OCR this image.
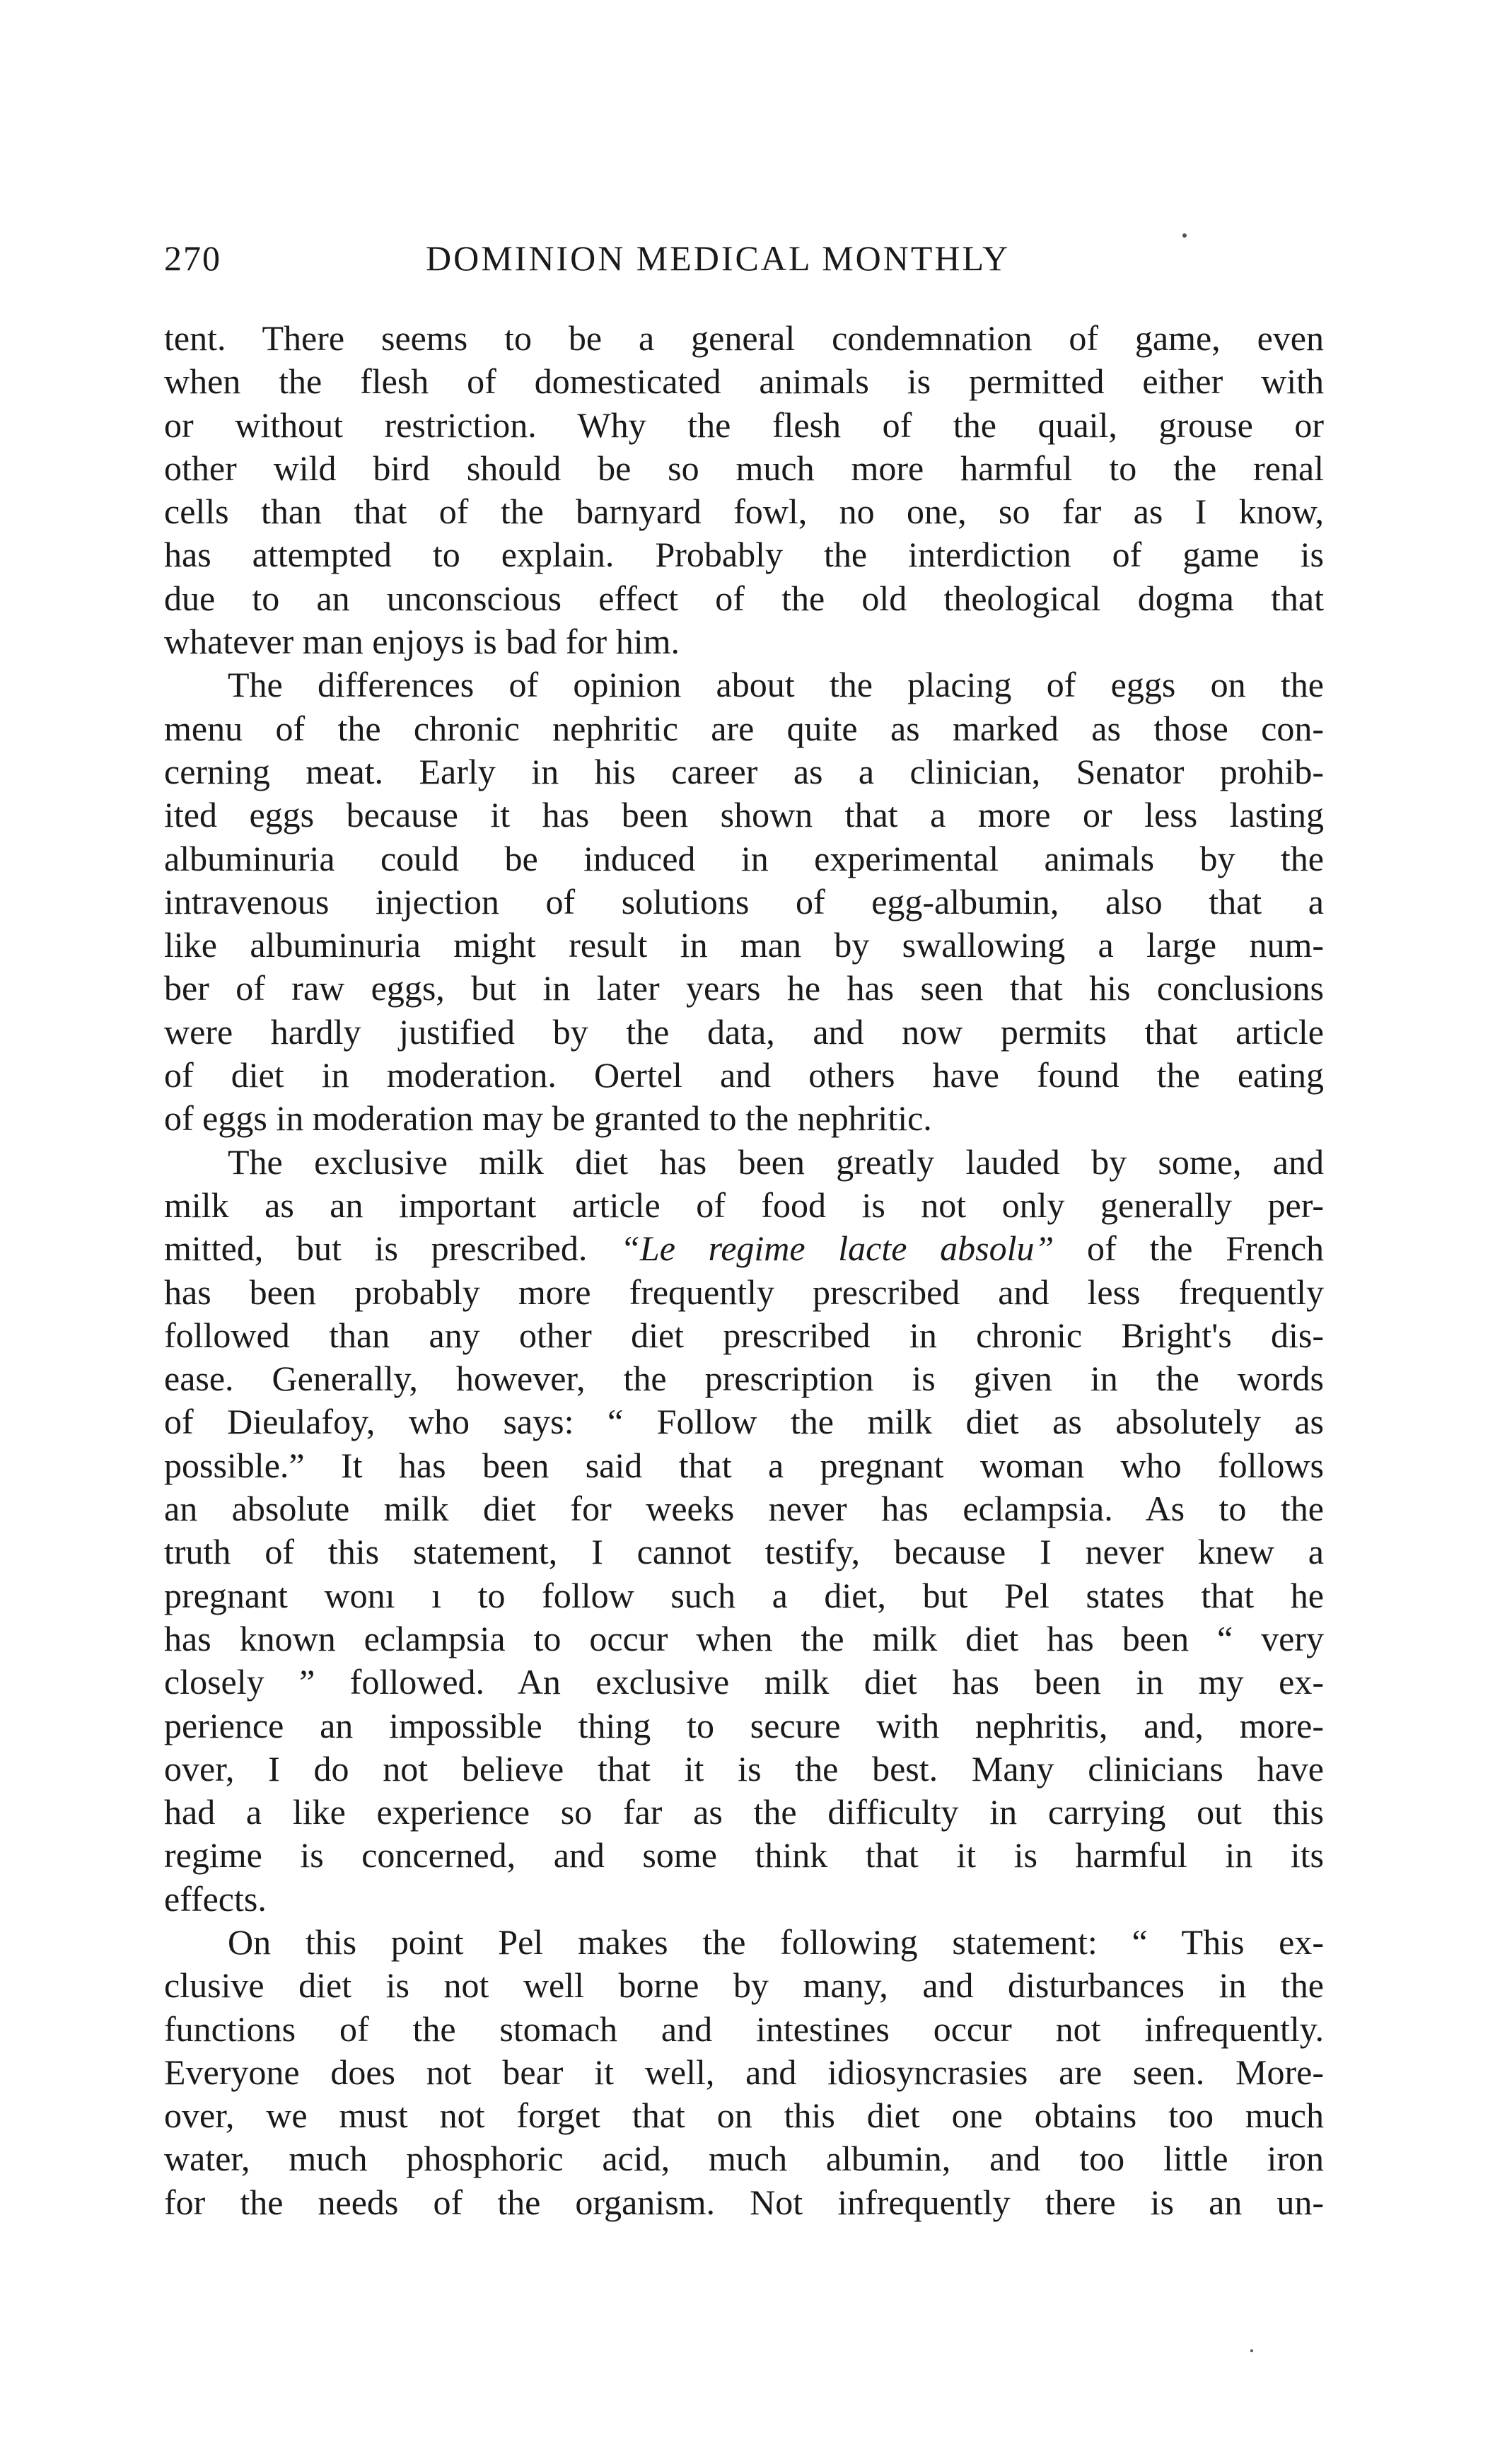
270	DOMINION MEDICAL MONTHLY
tent. There seems to be a general condemnation of game, even
when the flesh of domesticated animals is permitted either with
or without restriction. Why the flesh of the quail, grouse or
other wild bird should be so much more harmful to the renal
cells than that of the barnyard fowl, no one, so far as I know,
has attempted to explain. Probably the interdiction of game is
due to an unconscious effect of the old theological dogma that
whatever man enjoys is bad for him.
The differences of opinion about the placing of eggs on the
menu of the chronic nephritic are quite as marked as those con-
cerning meat. Early in his career as a clinician, Senator prohib-
ited eggs because it has been shown that a more or less lasting
albuminuria could be induced in experimental animals by the
intravenous injection of solutions of egg-albumin, also that a
like albuminuria might result in man by swallowing a large num-
ber of raw eggs, but in later years he has seen that his conclusions
were hardly justified by the data, and now permits that article
of diet in moderation. Oertel and others have found the eating
of eggs in moderation may be granted to the nephritic.
The exclusive milk diet has been greatly lauded by some, and
milk as an important article of food is not only generally per-
mitted, but is prescribed. “Le regime lacte absolu” of the French
has been probably more frequently prescribed and less frequently
followed than any other diet prescribed in chronic Bright's dis-
ease. Generally, however, the prescription is given in the words
of Dieulafoy, who says: “ Follow the milk diet as absolutely as
possible.” It has been said that a pregnant woman who follows
an absolute milk diet for weeks never has eclampsia. As to the
truth of this statement, I cannot testify, because I never knew a
pregnant wonı ı to follow such a diet, but Pel states that he
has known eclampsia to occur when the milk diet has been “ very
closely ” followed. An exclusive milk diet has been in my ex-
perience an impossible thing to secure with nephritis, and, more-
over, I do not believe that it is the best. Many clinicians have
had a like experience so far as the difficulty in carrying out this
regime is concerned, and some think that it is harmful in its
effects.
On this point Pel makes the following statement: “ This ex-
clusive diet is not well borne by many, and disturbances in the
functions of the stomach and intestines occur not infrequently.
Everyone does not bear it well, and idiosyncrasies are seen. More-
over, we must not forget that on this diet one obtains too much
water, much phosphoric acid, much albumin, and too little iron
for the needs of the organism. Not infrequently there is an un-
